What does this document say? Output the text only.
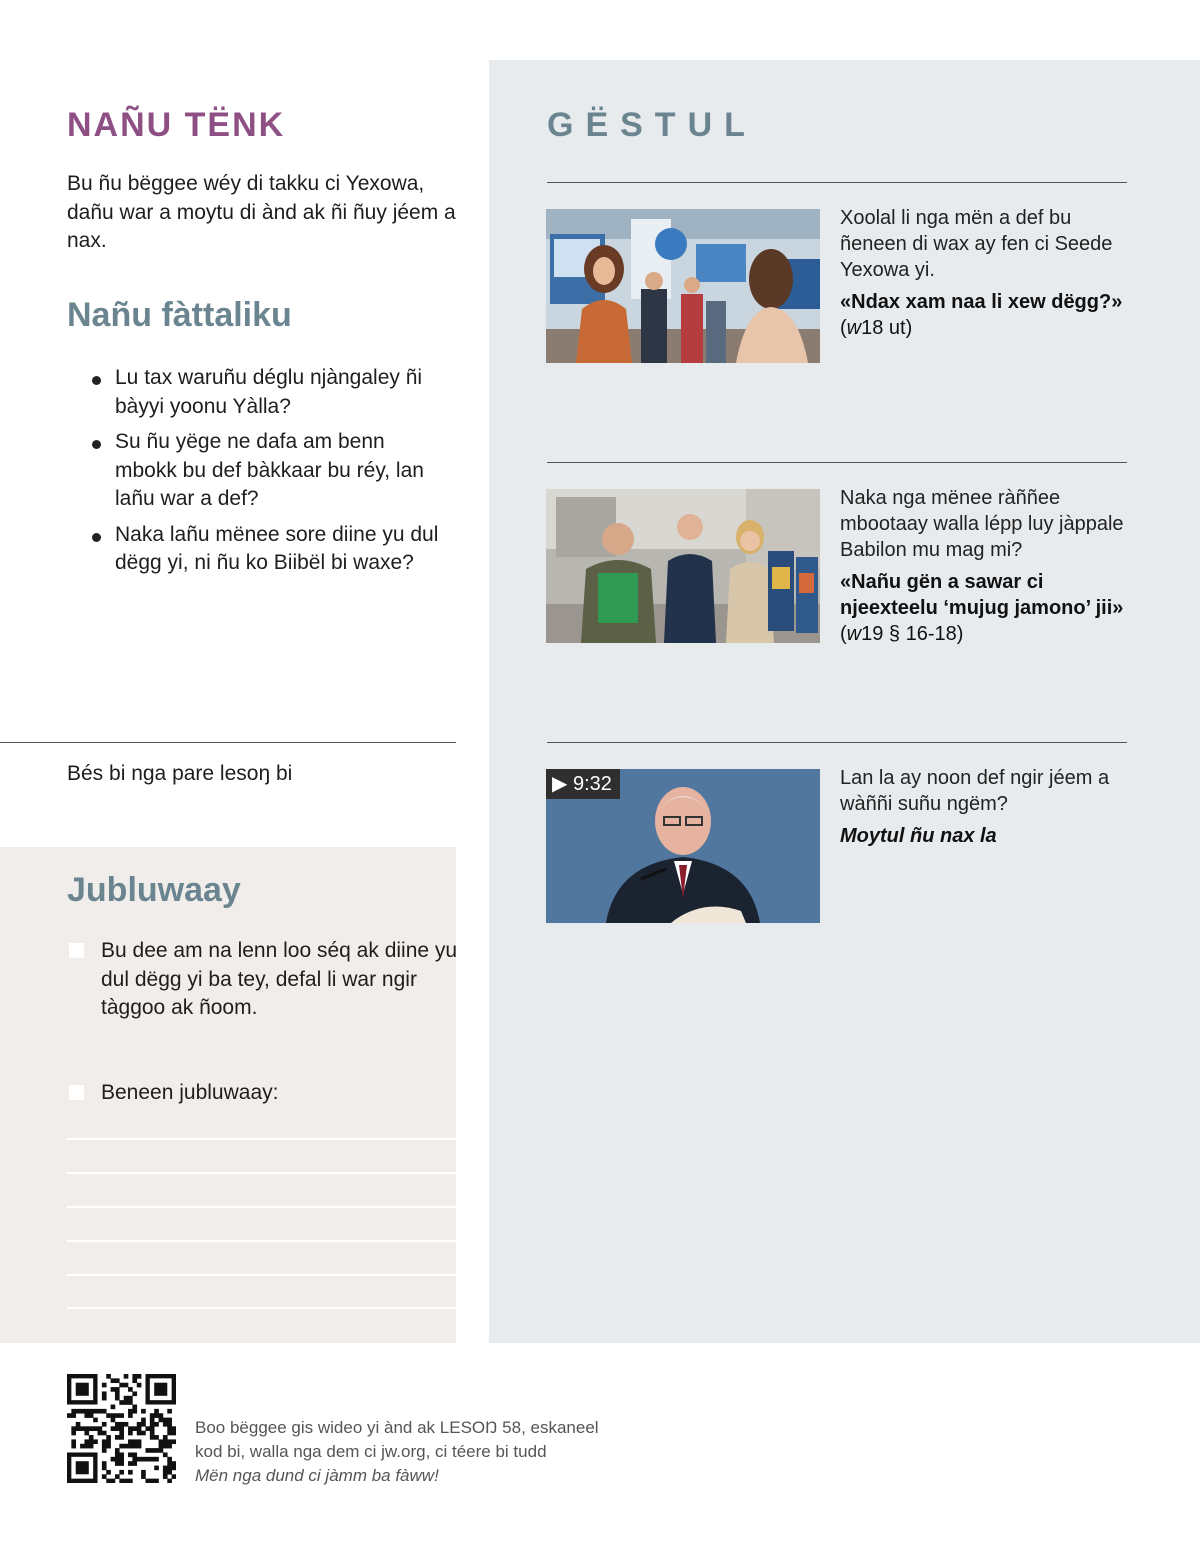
NAÑU TËNK

Bu ñu bëggee wéy di takku ci Yexowa, dañu war a moytu di ànd ak ñi ñuy jéem a nax.

Nañu fàttaliku
Lu tax waruñu déglu njàngaley ñi bàyyi yoonu Yàlla?
Su ñu yëge ne dafa am benn mbokk bu def bàkkaar bu réy, lan lañu war a def?
Naka lañu mënee sore diine yu dul dëgg yi, ni ñu ko Biibël bi waxe?

Bés bi nga pare lesoŋ bi

Jubluwaay

Bu dee am na lenn loo séq ak diine yu dul dëgg yi ba tey, defal li war ngir tàggoo ak ñoom.

Beneen jubluwaay:

GËSTUL

Xoolal li nga mën a def bu ñeneen di wax ay fen ci Seede Yexowa yi.
«Ndax xam naa li xew dëgg?»
(w18 ut)

Naka nga mënee ràññee mbootaay walla lépp luy jàppale Babilon mu mag mi?
«Nañu gën a sawar ci njeexteelu ‘mujug jamono’ jii»
(w19 § 16-18)

▶ 9:32	Lan la ay noon def ngir jéem a wàññi suñu ngëm?
Moytul ñu nax la

Boo bëggee gis wideo yi ànd ak LESOŊ 58, eskaneel
kod bi, walla nga dem ci jw.org, ci téere bi tudd
Mën nga dund ci jàmm ba fàww!
